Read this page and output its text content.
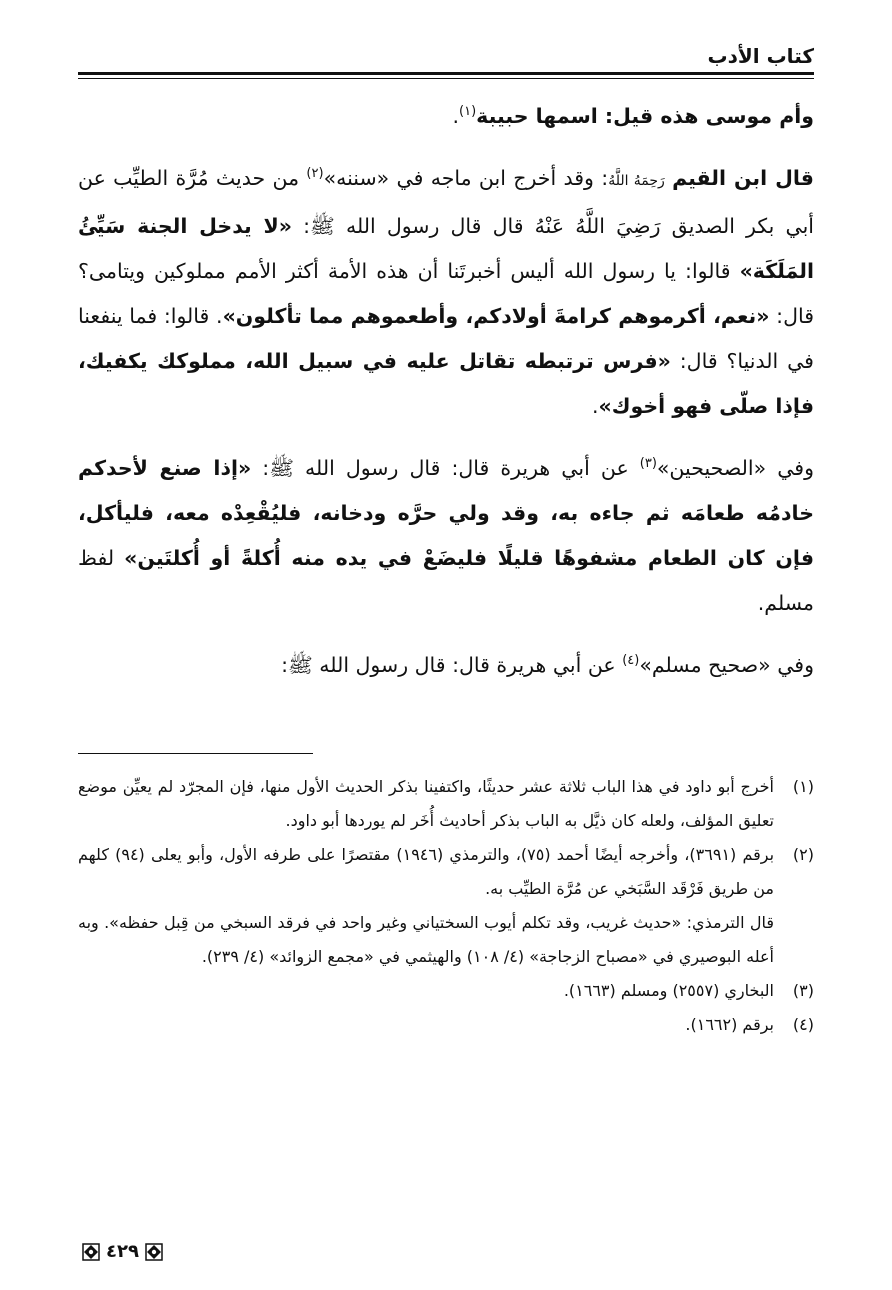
كتاب الأدب

وأم موسى هذه قيل: اسمها حبيبة$^{(١)}$.

قال ابن القيم رَحِمَهُ اللَّهُ: وقد أخرج ابن ماجه في «سننه»$^{(٢)}$ من حديث مُرَّة الطيِّب عن أبي بكر الصديق رَضِيَ اللَّهُ عَنْهُ قال قال رسول الله ﷺ: «لا يدخل الجنة سَيِّئُ المَلَكَة» قالوا: يا رسول الله أليس أخبرتَنا أن هذه الأمة أكثر الأمم مملوكين ويتامى؟ قال: «نعم، أكرموهم كرامةَ أولادكم، وأطعموهم مما تأكلون». قالوا: فما ينفعنا في الدنيا؟ قال: «فرس ترتبطه تقاتل عليه في سبيل الله، مملوكك يكفيك، فإذا صلّى فهو أخوك».

وفي «الصحيحين»$^{(٣)}$ عن أبي هريرة قال: قال رسول الله ﷺ: «إذا صنع لأحدكم خادمُه طعامَه ثم جاءه به، وقد ولي حرَّه ودخانه، فليُقْعِدْه معه، فليأكل، فإن كان الطعام مشفوهًا قليلًا فليضَعْ في يده منه أُكلةً أو أُكلتَين» لفظ مسلم.

وفي «صحيح مسلم»$^{(٤)}$ عن أبي هريرة قال: قال رسول الله ﷺ:

(١)

أخرج أبو داود في هذا الباب ثلاثة عشر حديثًا، واكتفينا بذكر الحديث الأول منها، فإن المجرّد لم يعيِّن موضع تعليق المؤلف، ولعله كان ذيَّل به الباب بذكر أحاديث أُخَر لم يوردها أبو داود.

(٢)

برقم (٣٦٩١)، وأخرجه أيضًا أحمد (٧٥)، والترمذي (١٩٤٦) مقتصرًا على طرفه الأول، وأبو يعلى (٩٤) كلهم من طريق فَرْقَد السَّبَخي عن مُرَّة الطيِّب به.

قال الترمذي: «حديث غريب، وقد تكلم أيوب السختياني وغير واحد في فرقد السبخي من قِبل حفظه». وبه أعله البوصيري في «مصباح الزجاجة» (٤/ ١٠٨) والهيثمي في «مجمع الزوائد» (٤/ ٢٣٩).

(٣)

البخاري (٢٥٥٧) ومسلم (١٦٦٣).

(٤)

برقم (١٦٦٢).

٤٢٩
